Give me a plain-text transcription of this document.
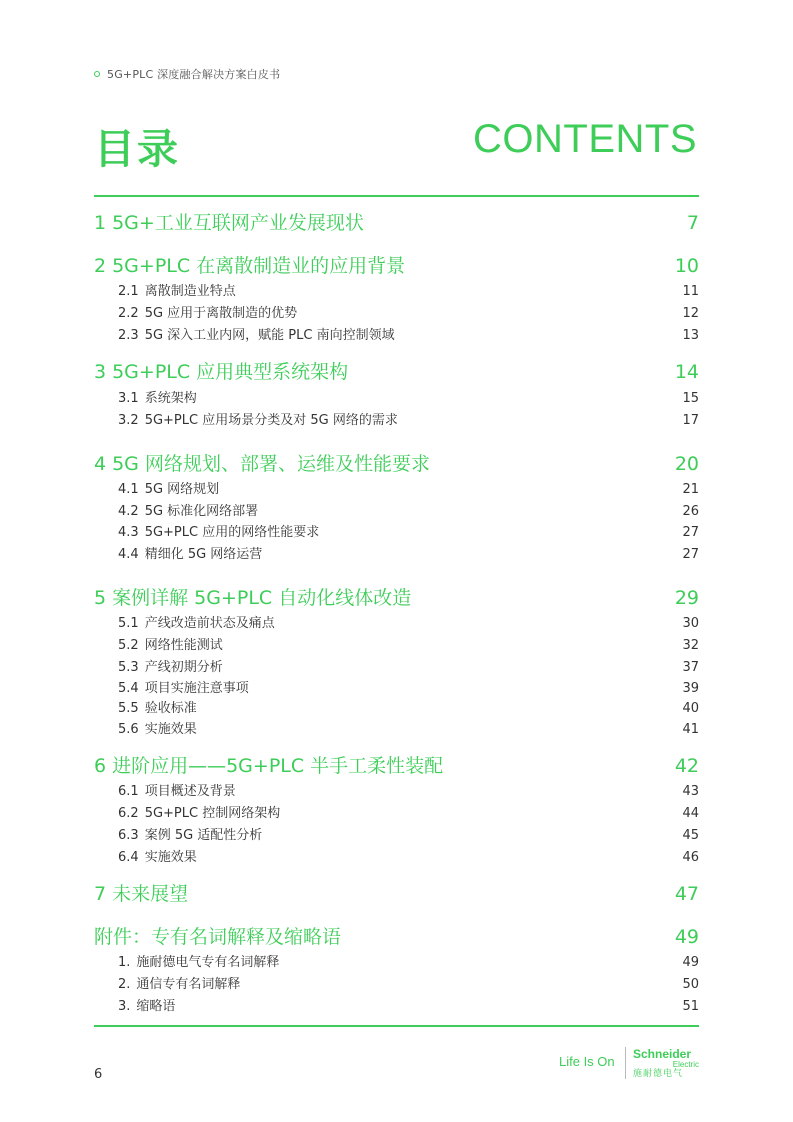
5G+PLC 深度融合解决方案白皮书
目录	CONTENTS
1 5G+工业互联网产业发展现状	7
2 5G+PLC 在离散制造业的应用背景	10
2.1 离散制造业特点	11
2.2 5G 应用于离散制造的优势	12
2.3 5G 深入工业内网，赋能 PLC 南向控制领域	13
3 5G+PLC 应用典型系统架构	14
3.1 系统架构	15
3.2 5G+PLC 应用场景分类及对 5G 网络的需求	17
4 5G 网络规划、部署、运维及性能要求	20
4.1 5G 网络规划	21
4.2 5G 标准化网络部署	26
4.3 5G+PLC 应用的网络性能要求	27
4.4 精细化 5G 网络运营	27
5 案例详解 5G+PLC 自动化线体改造	29
5.1 产线改造前状态及痛点	30
5.2 网络性能测试	32
5.3 产线初期分析	37
5.4 项目实施注意事项	39
5.5 验收标准	40
5.6 实施效果	41
6 进阶应用——5G+PLC 半手工柔性装配	42
6.1 项目概述及背景	43
6.2 5G+PLC 控制网络架构	44
6.3 案例 5G 适配性分析	45
6.4 实施效果	46
7 未来展望	47
附件：专有名词解释及缩略语	49
1. 施耐德电气专有名词解释	49
2. 通信专有名词解释	50
3. 缩略语	51
6
Life Is On Schneider
Electric
施耐德电气
